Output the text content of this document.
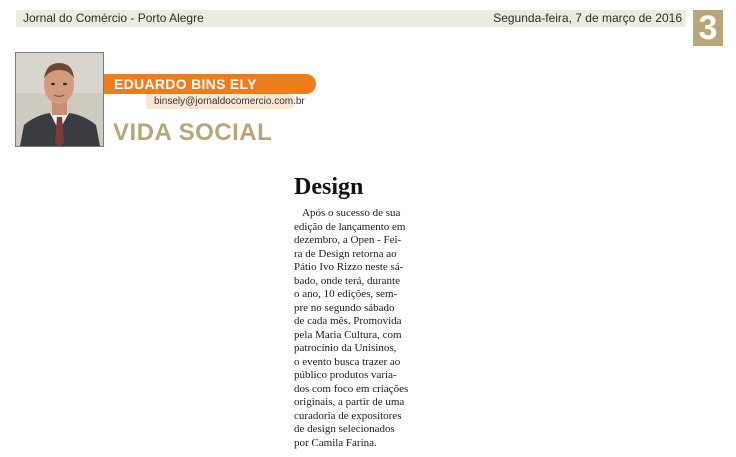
Jornal do Comércio - Porto Alegre	Segunda-feira, 7 de março de 2016 3
EDUARDO BINS ELY
binsely@jornaldocomercio.com.br
VIDA SOCIAL
Design
Após o sucesso de sua
edição de lançamento em
dezembro, a Open - Fei-
ra de Design retorna ao
Pátio Ivo Rizzo neste sá-
bado, onde terá, durante
o ano, 10 edições, sem-
pre no segundo sábado
de cada mês. Promovida
pela Maria Cultura, com
patrocínio da Unisinos,
o evento busca trazer ao
público produtos varia-
dos com foco em criações
originais, a partir de uma
curadoria de expositores
de design selecionados
por Camila Farina.
